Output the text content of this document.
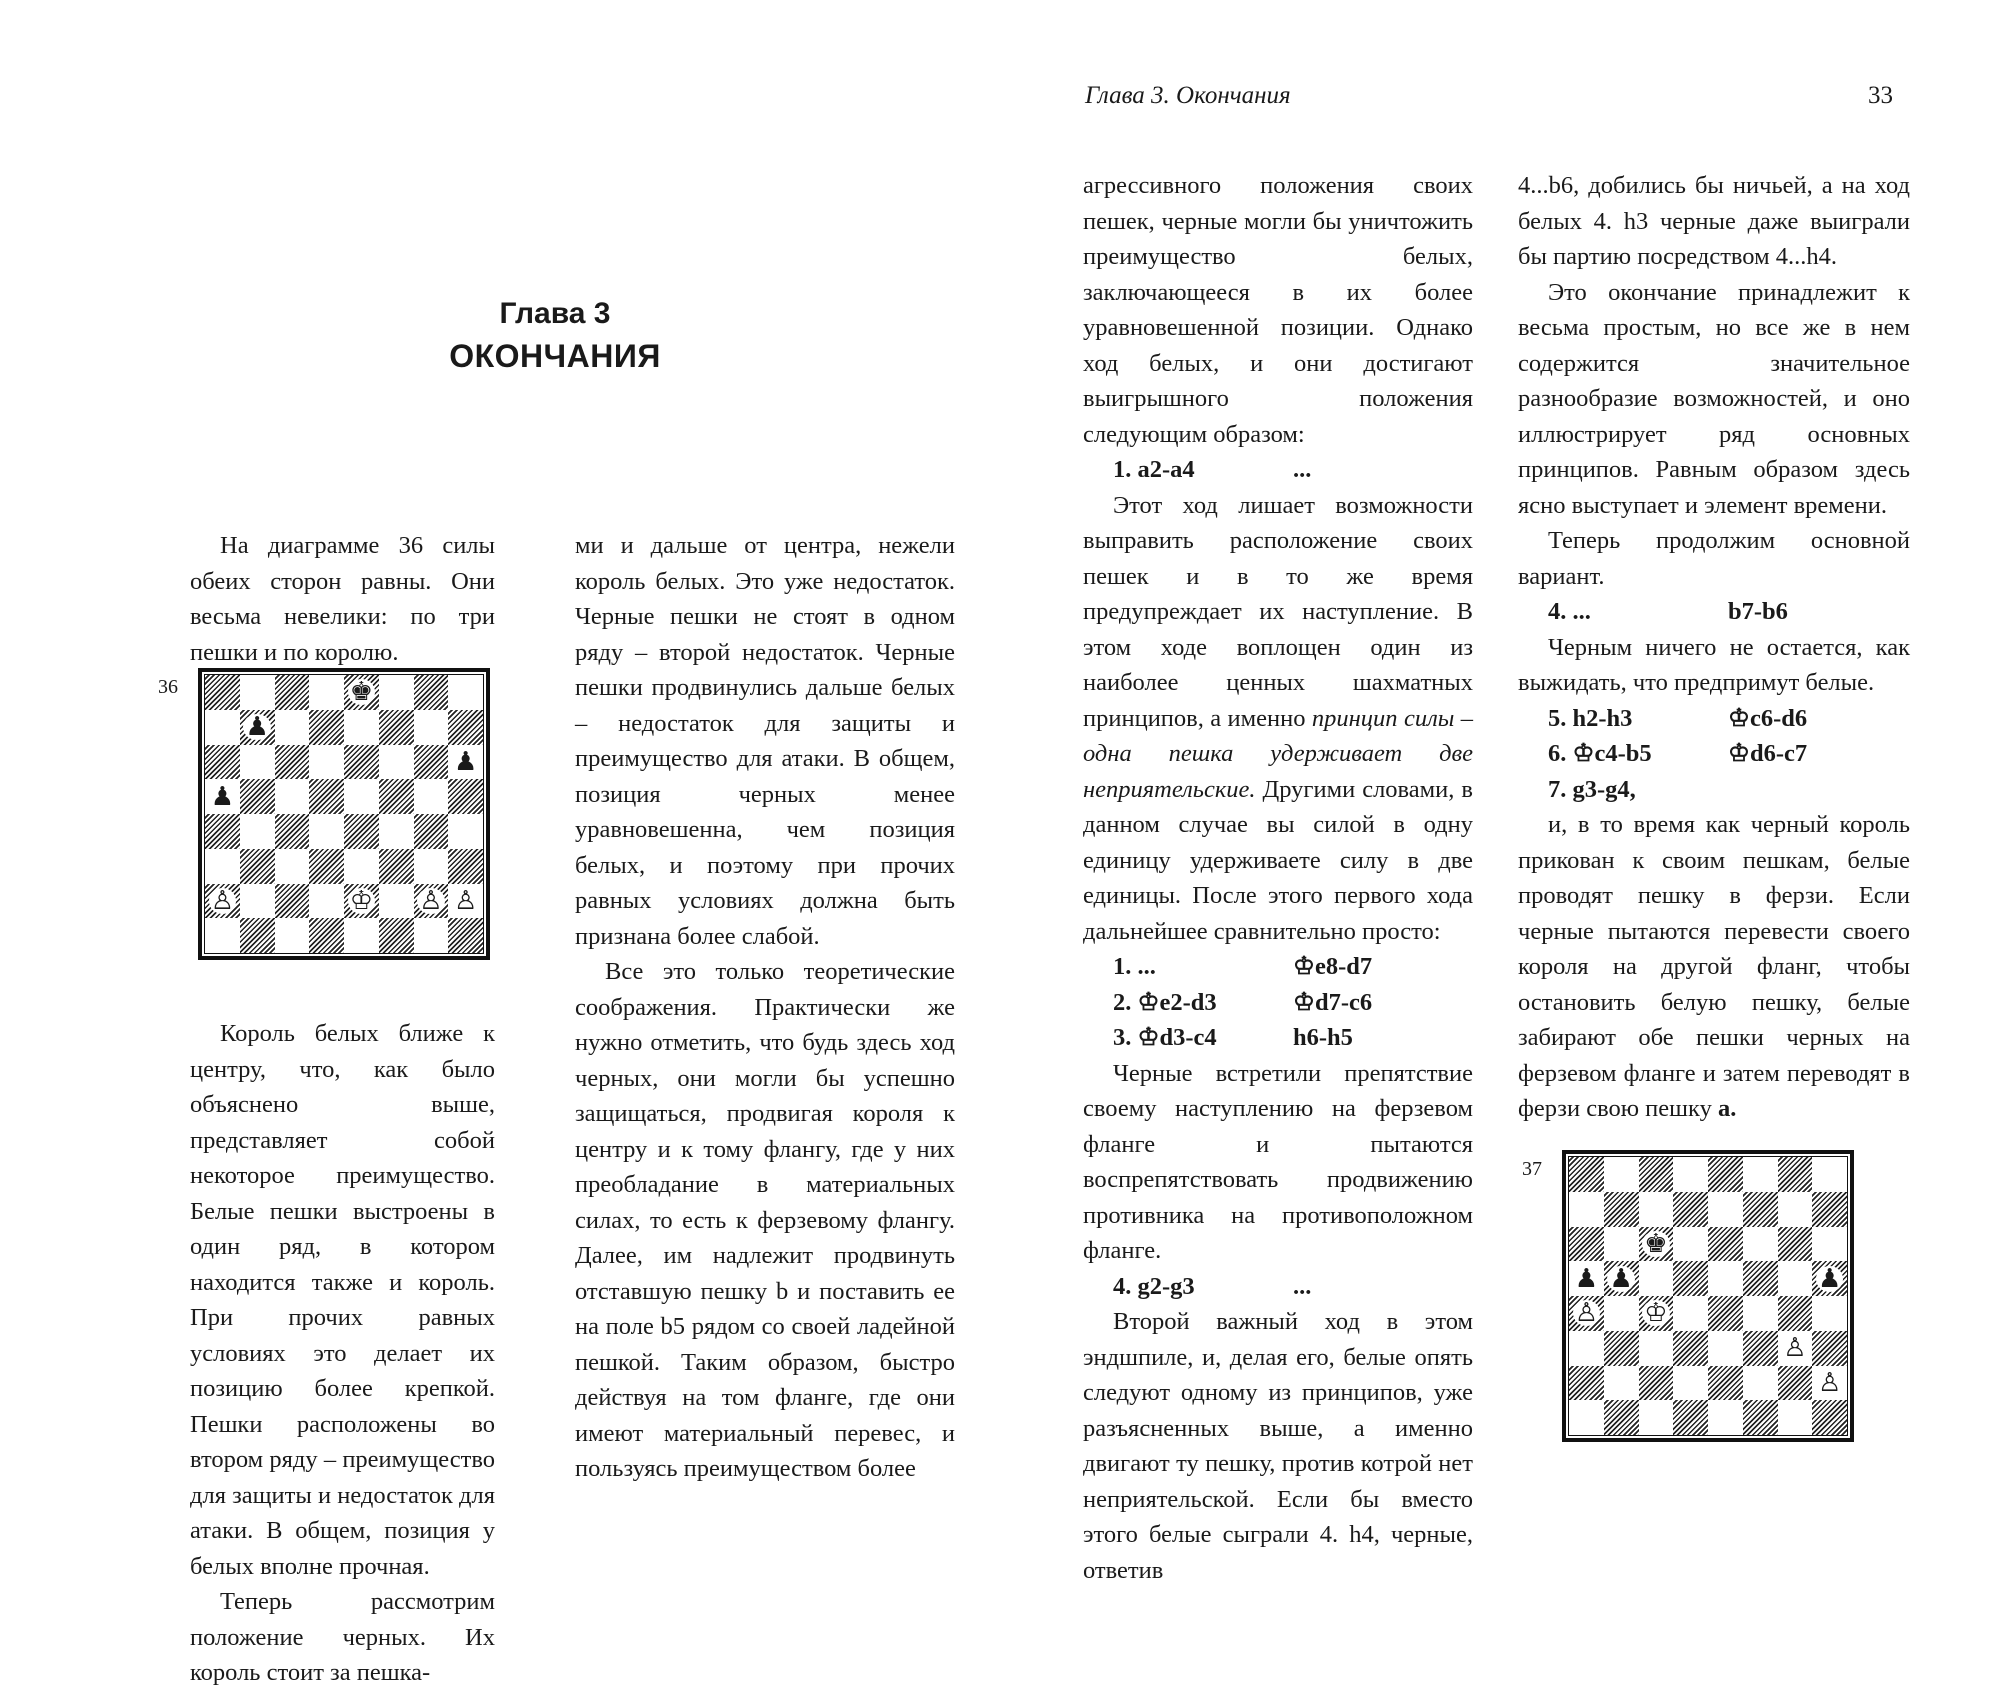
Глава 3
ОКОНЧАНИЯ

На диаграмме 36 силы обеих сторон равны. Они весьма невелики: по три пешки и по королю.

36	♚
♟
♟
♟
♙	♔ ♙ ♙

Король белых ближе к центру, что, как было объяснено выше, представляет собой некоторое преимущество. Белые пешки выстроены в один ряд, в котором находится также и король. При прочих равных условиях это делает их позицию более крепкой. Пешки расположены во втором ряду – преимущество для защиты и недостаток для атаки. В общем, позиция у белых вполне прочная.

Теперь рассмотрим положение черных. Их король стоит за пешка-

ми и дальше от центра, нежели король белых. Это уже недостаток. Черные пешки не стоят в одном ряду – второй недостаток. Черные пешки продвинулись дальше белых – недостаток для защиты и преимущество для атаки. В общем, позиция черных менее уравновешенна, чем позиция белых, и поэтому при прочих равных условиях должна быть признана более слабой.

Все это только теоретические соображения. Практически же нужно отметить, что будь здесь ход черных, они могли бы успешно защищаться, продвигая короля к центру и к тому флангу, где у них преобладание в материальных силах, то есть к ферзевому флангу. Далее, им надлежит продвинуть отставшую пешку b и поставить ее на поле b5 рядом со своей ладейной пешкой. Таким образом, быстро действуя на том фланге, где они имеют материальный перевес, и пользуясь преимуществом более

Глава 3. Окончания	33

агрессивного положения своих пешек, черные могли бы уничтожить преимущество белых, заключающееся в их более уравновешенной позиции. Однако ход белых, и они достигают выигрышного положения следующим образом:

1. a2-a4	...

Этот ход лишает возможности выправить расположение своих пешек и в то же время предупреждает их наступление. В этом ходе воплощен один из наиболее ценных шахматных принципов, а именно принцип силы – одна пешка удерживает две неприятельские. Другими словами, в данном случае вы силой в одну единицу удерживаете силу в две единицы. После этого первого хода дальнейшее сравнительно просто:

1. ...	♔e8-d7
2. ♔e2-d3	♔d7-c6
3. ♔d3-c4	h6-h5

Черные встретили препятствие своему наступлению на ферзевом фланге и пытаются воспрепятствовать продвижению противника на противоположном фланге.

4. g2-g3	...

Второй важный ход в этом эндшпиле, и, делая его, белые опять следуют одному из принципов, уже разъясненных выше, а именно двигают ту пешку, против котрой нет неприятельской. Если бы вместо этого белые сыграли 4. h4, черные, ответив

4...b6, добились бы ничьей, а на ход белых 4. h3 черные даже выиграли бы партию посредством 4...h4.

Это окончание принадлежит к весьма простым, но все же в нем содержится значительное разнообразие возможностей, и оно иллюстрирует ряд основных принципов. Равным образом здесь ясно выступает и элемент времени.

Теперь продолжим основной вариант.

4. ...	b7-b6

Черным ничего не остается, как выжидать, что предпримут белые.

5. h2-h3	♔c6-d6
6. ♔c4-b5	♔d6-c7
7. g3-g4,

и, в то время как черный король прикован к своим пешкам, белые проводят пешку в ферзи. Если черные пытаются перевести своего короля на другой фланг, чтобы остановить белую пешку, белые забирают обе пешки черных на ферзевом фланге и затем переводят в ферзи свою пешку a.

37
♚
♟ ♟	♟
♙ ♔
♙
♙
